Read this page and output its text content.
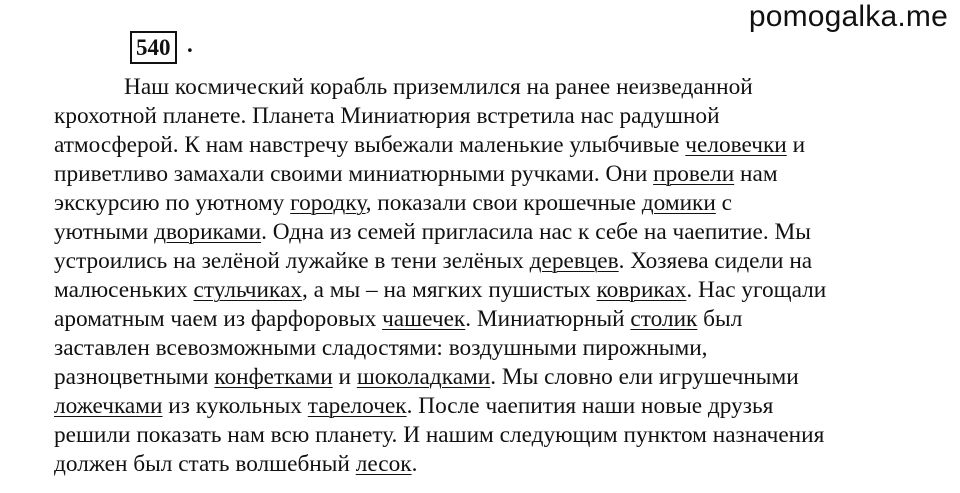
pomogalka.me
540 .
Наш космический корабль приземлился на ранее неизведанной
крохотной планете. Планета Миниатюрия встретила нас радушной
атмосферой. К нам навстречу выбежали маленькие улыбчивые человечки и
приветливо замахали своими миниатюрными ручками. Они провели нам
экскурсию по уютному городку, показали свои крошечные домики с
уютными двориками. Одна из семей пригласила нас к себе на чаепитие. Мы
устроились на зелёной лужайке в тени зелёных деревцев. Хозяева сидели на
малюсеньких стульчиках, а мы – на мягких пушистых ковриках. Нас угощали
ароматным чаем из фарфоровых чашечек. Миниатюрный столик был
заставлен всевозможными сладостями: воздушными пирожными,
разноцветными конфетками и шоколадками. Мы словно ели игрушечными
ложечками из кукольных тарелочек. После чаепития наши новые друзья
решили показать нам всю планету. И нашим следующим пунктом назначения
должен был стать волшебный лесок.
